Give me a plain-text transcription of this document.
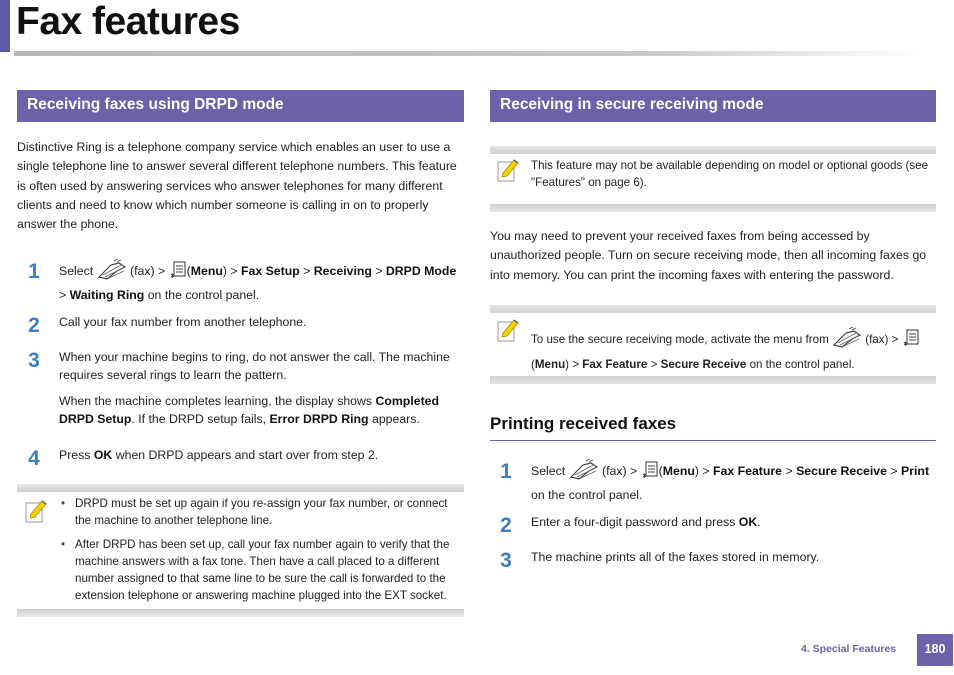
Fax features
Receiving faxes using DRPD mode
Distinctive Ring is a telephone company service which enables an user to use a single telephone line to answer several different telephone numbers. This feature is often used by answering services who answer telephones for many different clients and need to know which number someone is calling in on to properly answer the phone.
1	Select	(fax) > (Menu) > Fax Setup > Receiving > DRPD Mode
> Waiting Ring on the control panel.
2	Call your fax number from another telephone.
3	When your machine begins to ring, do not answer the call. The machine requires several rings to learn the pattern.
When the machine completes learning, the display shows Completed DRPD Setup. If the DRPD setup fails, Error DRPD Ring appears.
4	Press OK when DRPD appears and start over from step 2.
• DRPD must be set up again if you re-assign your fax number, or connect the machine to another telephone line.
• After DRPD has been set up, call your fax number again to verify that the machine answers with a fax tone. Then have a call placed to a different number assigned to that same line to be sure the call is forwarded to the extension telephone or answering machine plugged into the EXT socket.
Receiving in secure receiving mode
This feature may not be available depending on model or optional goods (see "Features" on page 6).
You may need to prevent your received faxes from being accessed by unauthorized people. Turn on secure receiving mode, then all incoming faxes go into memory. You can print the incoming faxes with entering the password.
To use the secure receiving mode, activate the menu from	(fax) >
(Menu) > Fax Feature > Secure Receive on the control panel.
Printing received faxes
1	Select	(fax) > (Menu) > Fax Feature > Secure Receive > Print
on the control panel.
2	Enter a four-digit password and press OK.
3	The machine prints all of the faxes stored in memory.
4. Special Features	180
